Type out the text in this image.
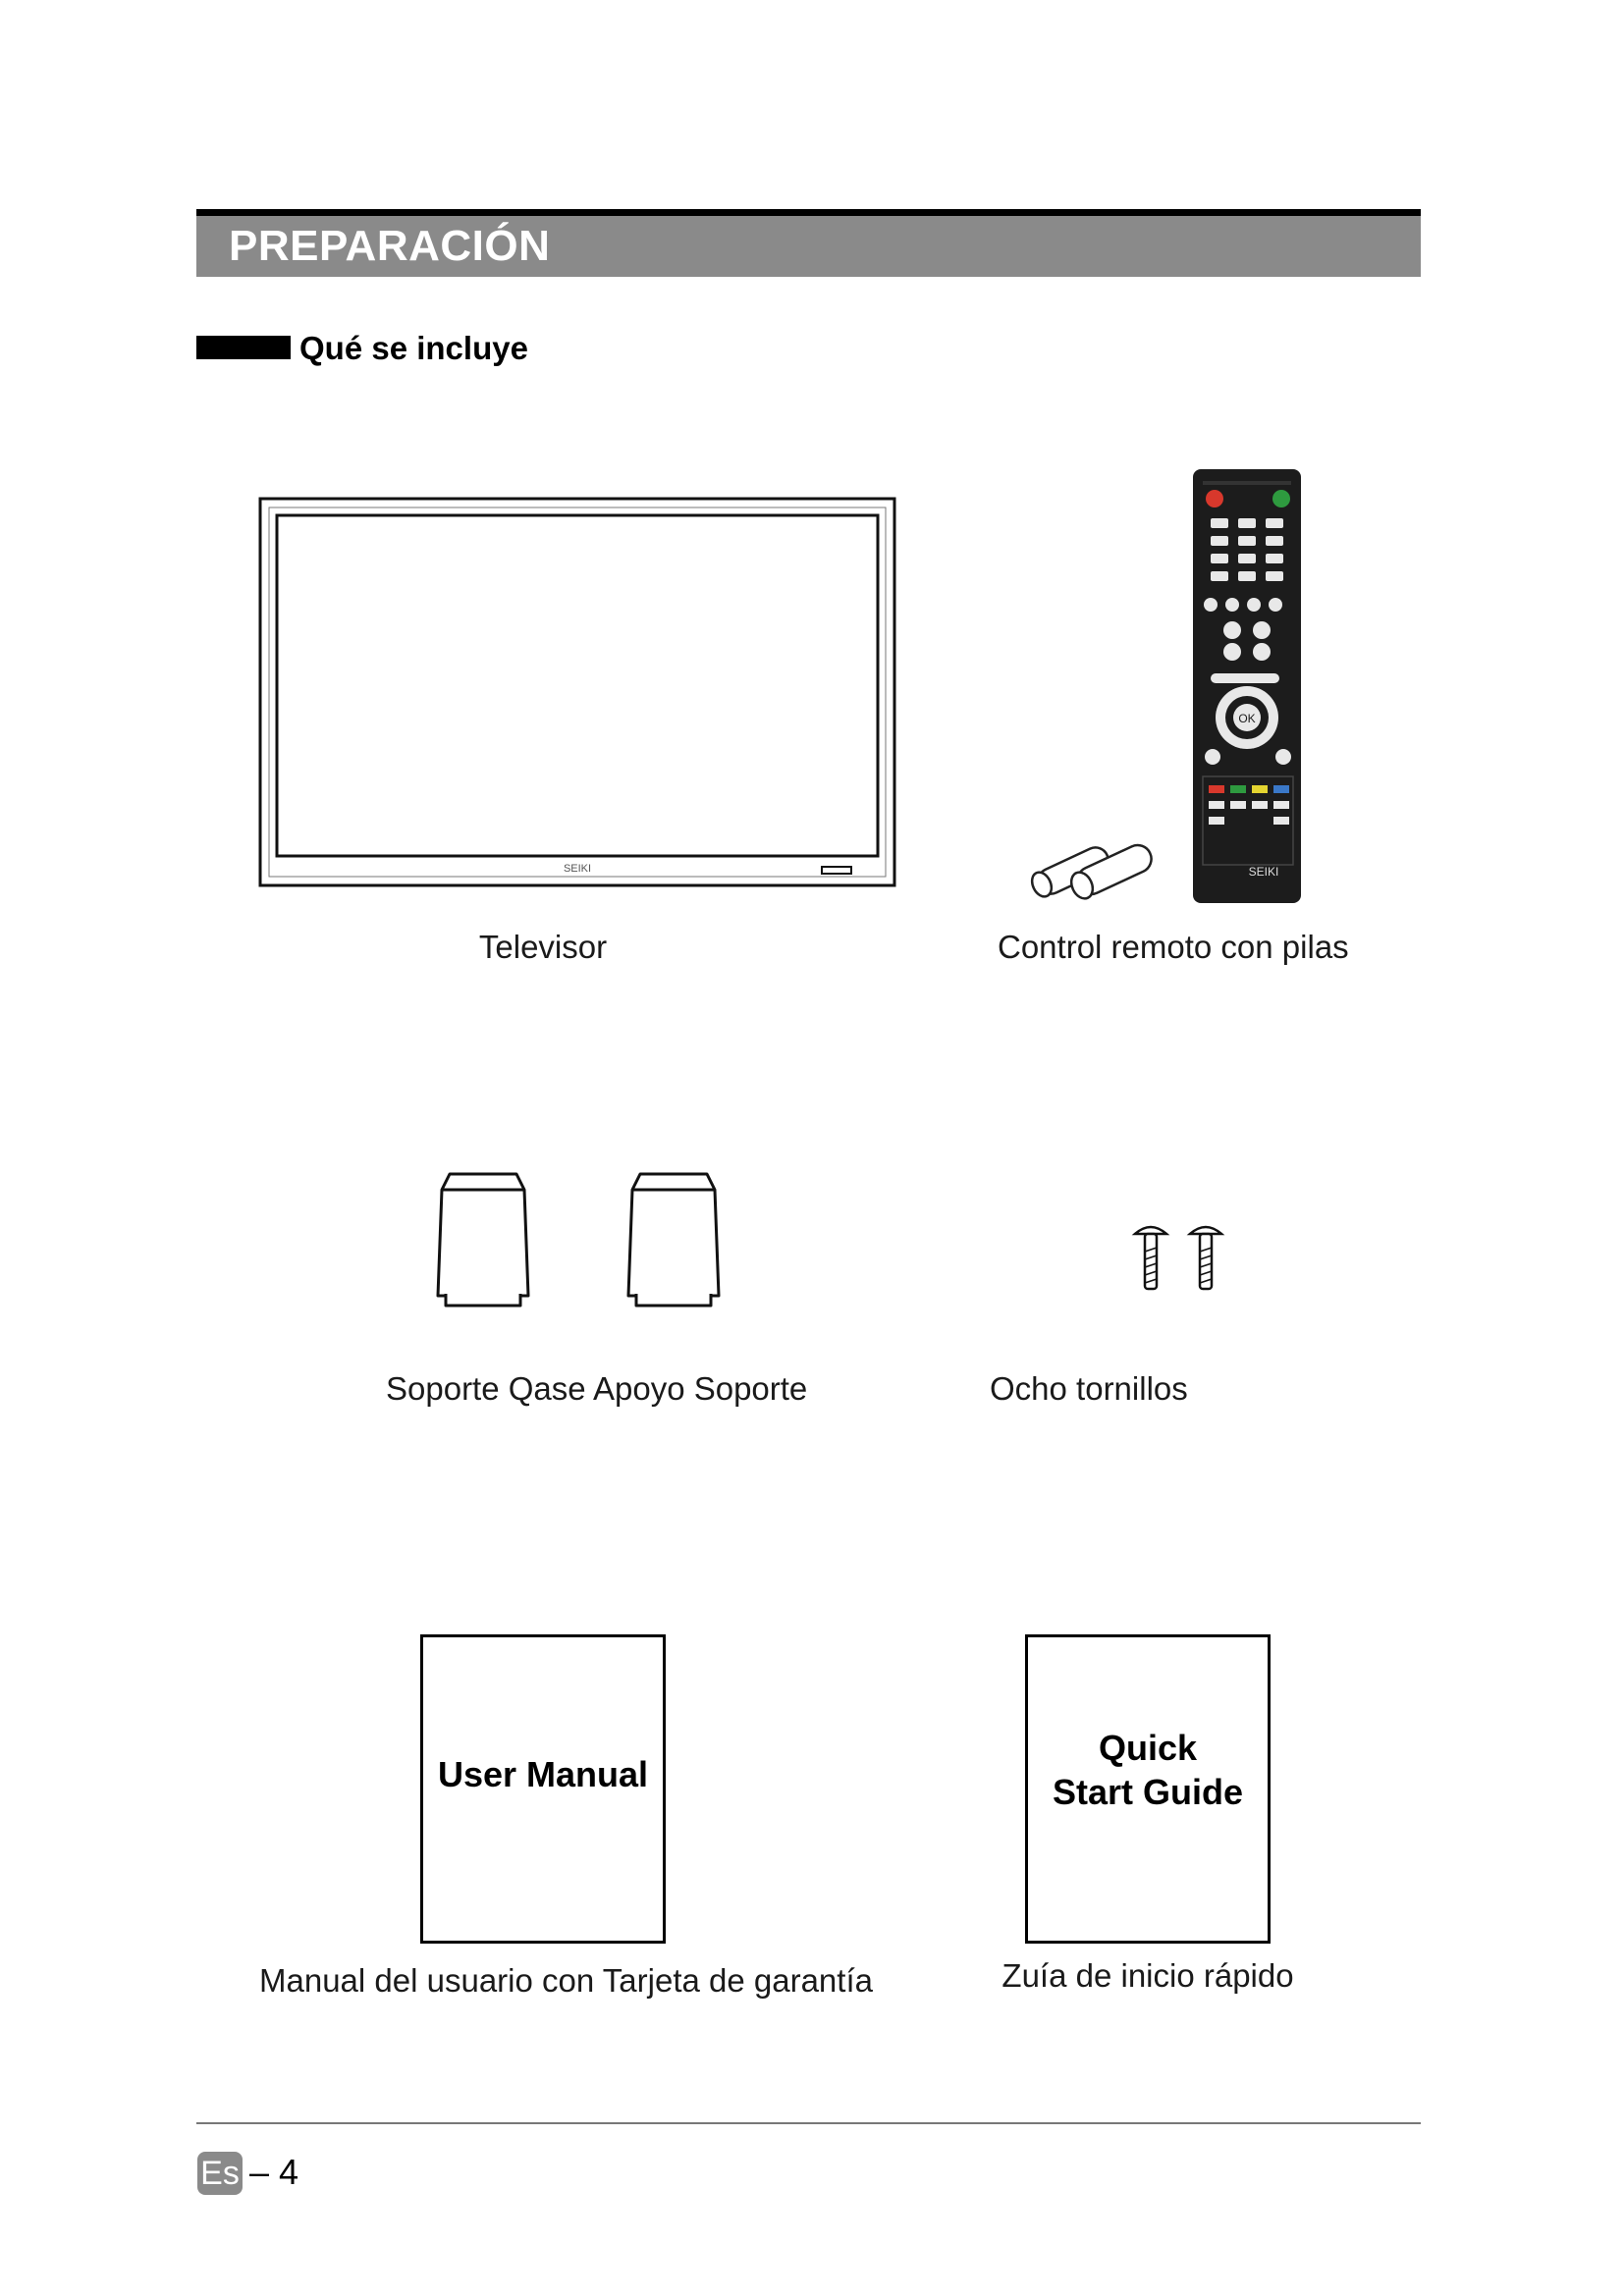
PREPARACIÓN
Qué se incluye
SEIKI
Televisor
OK
SEIKI
Control remoto con pilas
Soporte Qase Apoyo Soporte	Ocho tornillos
User Manual
Manual del usuario con Tarjeta de garantía
Quick
Start Guide
Zuía de inicio rápido
Es – 4
